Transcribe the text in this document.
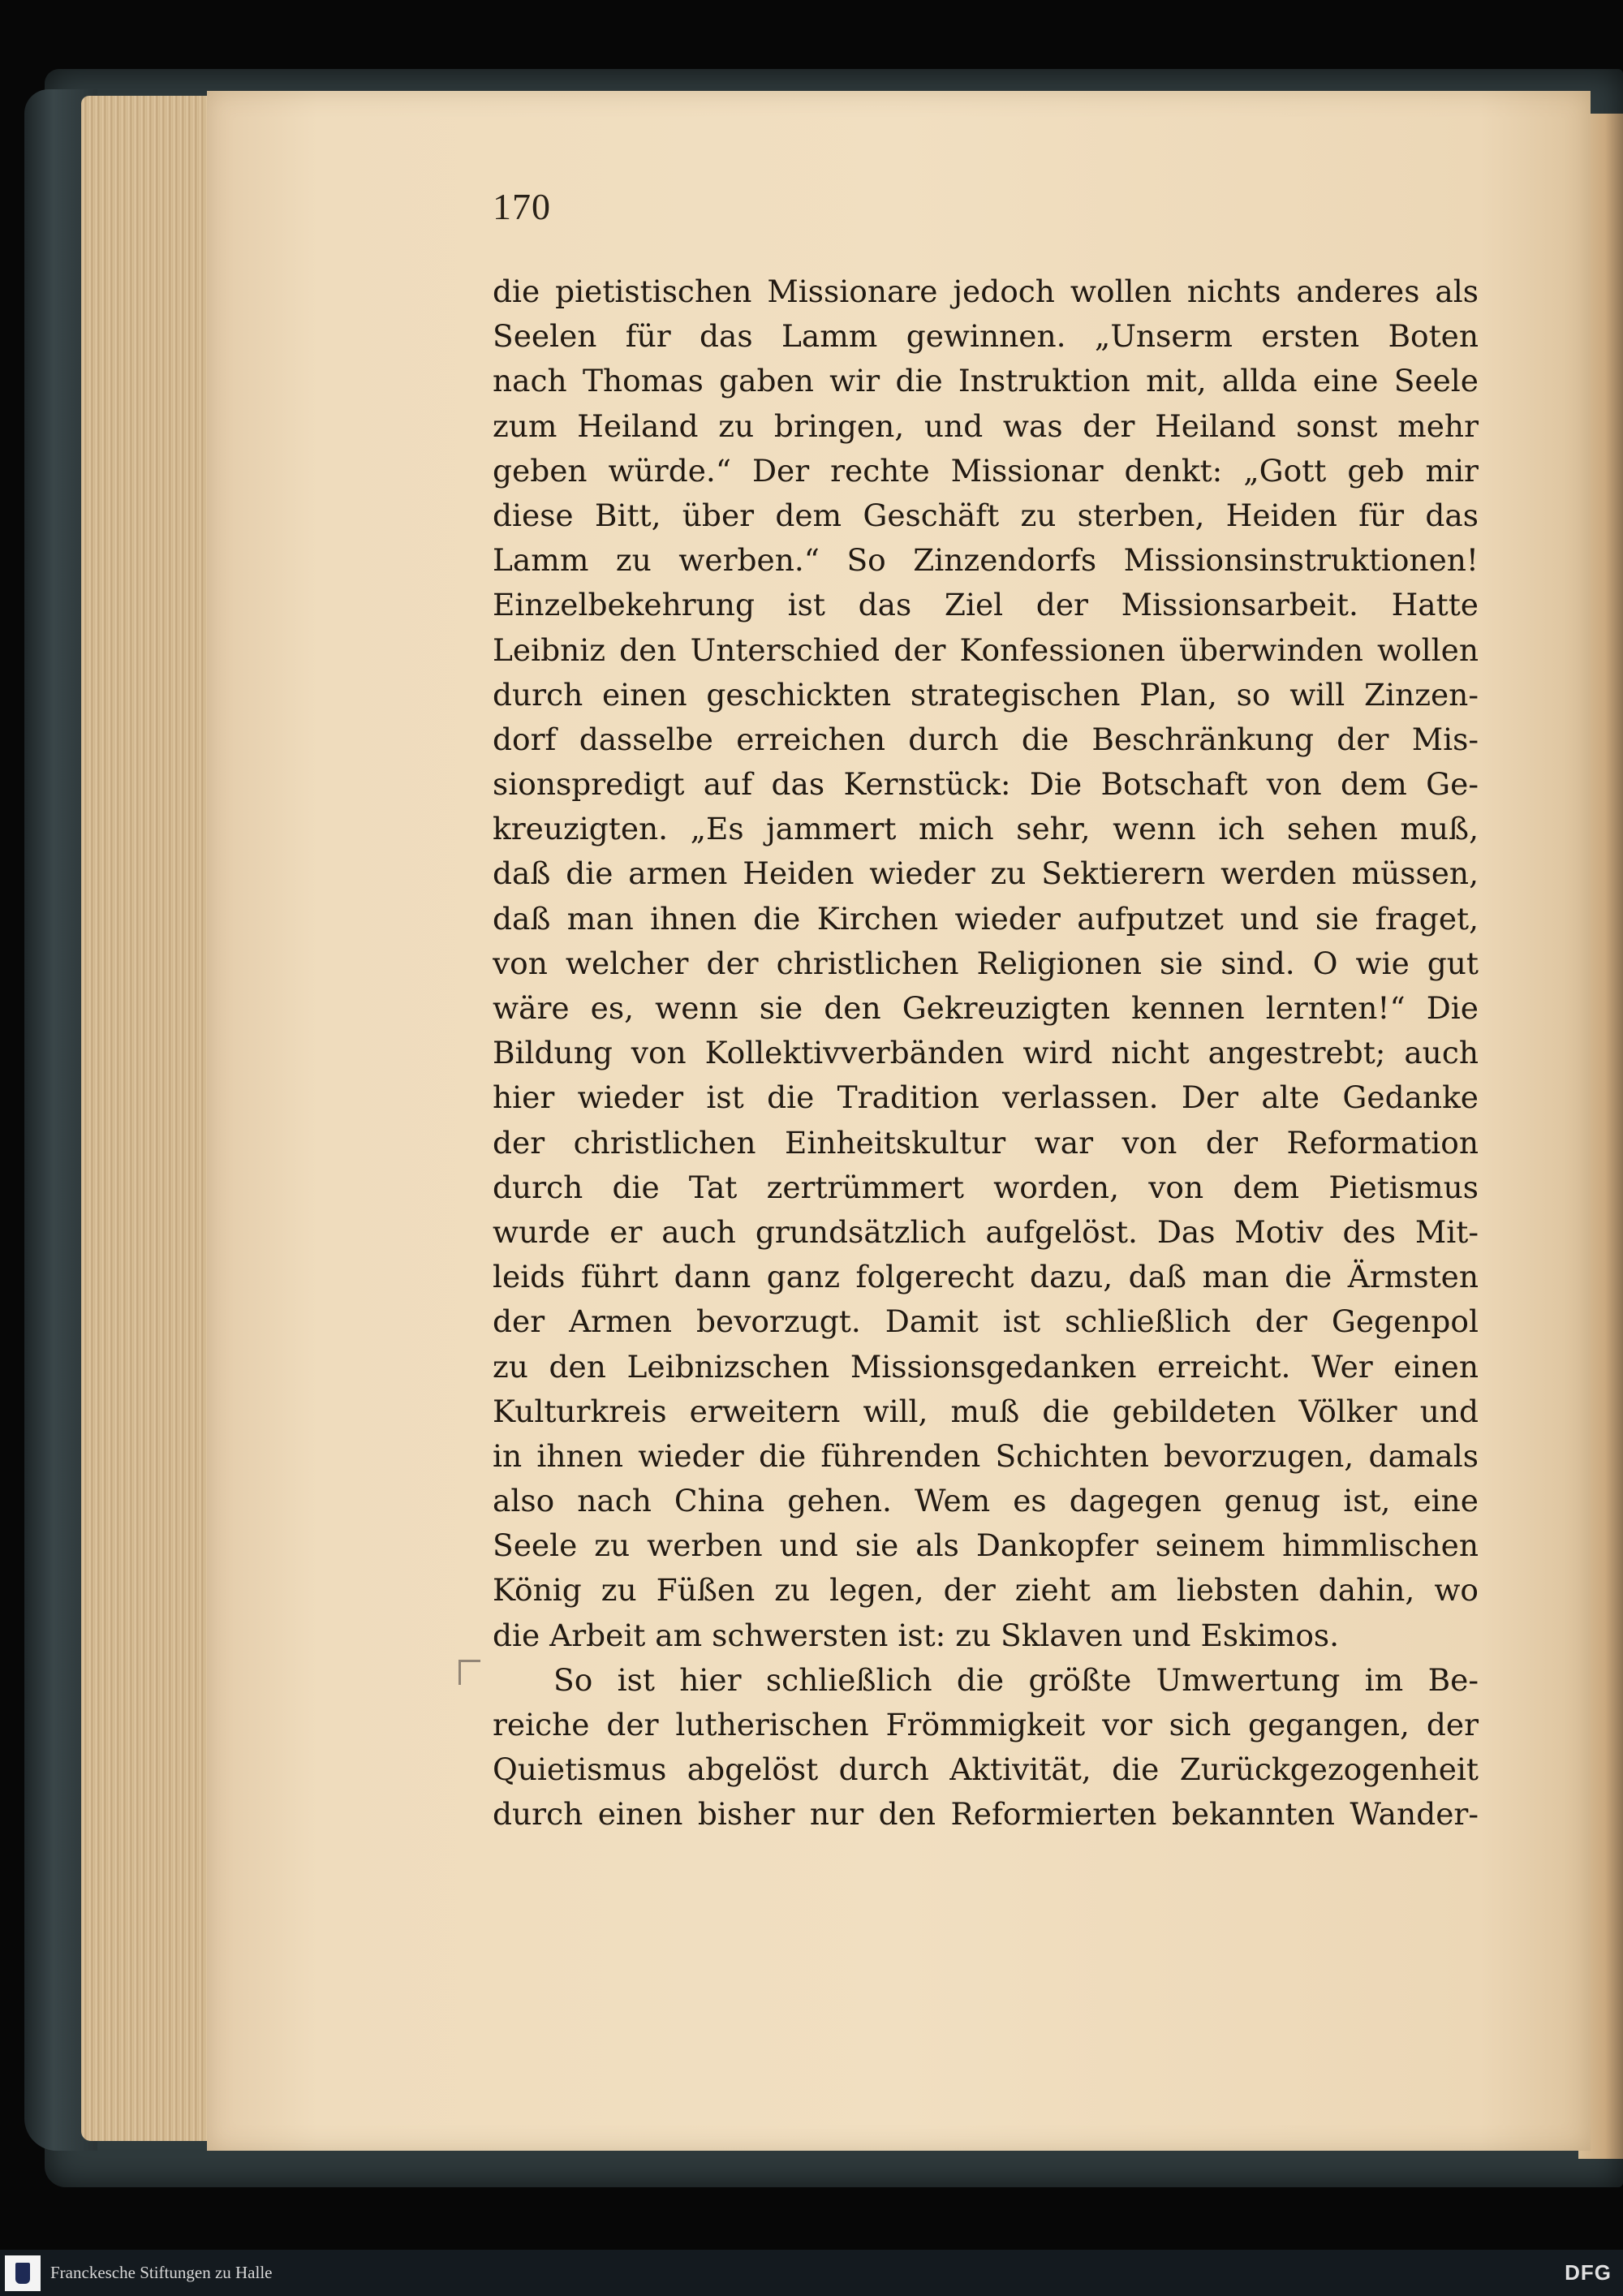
170

die pietistischen Missionare jedoch wollen nichts anderes als
Seelen für das Lamm gewinnen. „Unserm ersten Boten
nach Thomas gaben wir die Instruktion mit, allda eine Seele
zum Heiland zu bringen, und was der Heiland sonst mehr
geben würde.“ Der rechte Missionar denkt: „Gott geb mir
diese Bitt, über dem Geschäft zu sterben, Heiden für das
Lamm zu werben.“ So Zinzendorfs Missionsinstruktionen!
Einzelbekehrung ist das Ziel der Missionsarbeit. Hatte
Leibniz den Unterschied der Konfessionen überwinden wollen
durch einen geschickten strategischen Plan, so will Zinzen-
dorf dasselbe erreichen durch die Beschränkung der Mis-
sionspredigt auf das Kernstück: Die Botschaft von dem Ge-
kreuzigten. „Es jammert mich sehr, wenn ich sehen muß,
daß die armen Heiden wieder zu Sektierern werden müssen,
daß man ihnen die Kirchen wieder aufputzet und sie fraget,
von welcher der christlichen Religionen sie sind. O wie gut
wäre es, wenn sie den Gekreuzigten kennen lernten!“ Die
Bildung von Kollektivverbänden wird nicht angestrebt; auch
hier wieder ist die Tradition verlassen. Der alte Gedanke
der christlichen Einheitskultur war von der Reformation
durch die Tat zertrümmert worden, von dem Pietismus
wurde er auch grundsätzlich aufgelöst. Das Motiv des Mit-
leids führt dann ganz folgerecht dazu, daß man die Ärmsten
der Armen bevorzugt. Damit ist schließlich der Gegenpol
zu den Leibnizschen Missionsgedanken erreicht. Wer einen
Kulturkreis erweitern will, muß die gebildeten Völker und
in ihnen wieder die führenden Schichten bevorzugen, damals
also nach China gehen. Wem es dagegen genug ist, eine
Seele zu werben und sie als Dankopfer seinem himmlischen
König zu Füßen zu legen, der zieht am liebsten dahin, wo
die Arbeit am schwersten ist: zu Sklaven und Eskimos.
So ist hier schließlich die größte Umwertung im Be-
reiche der lutherischen Frömmigkeit vor sich gegangen, der
Quietismus abgelöst durch Aktivität, die Zurückgezogenheit
durch einen bisher nur den Reformierten bekannten Wander-
Franckesche Stiftungen zu Halle	DFG
